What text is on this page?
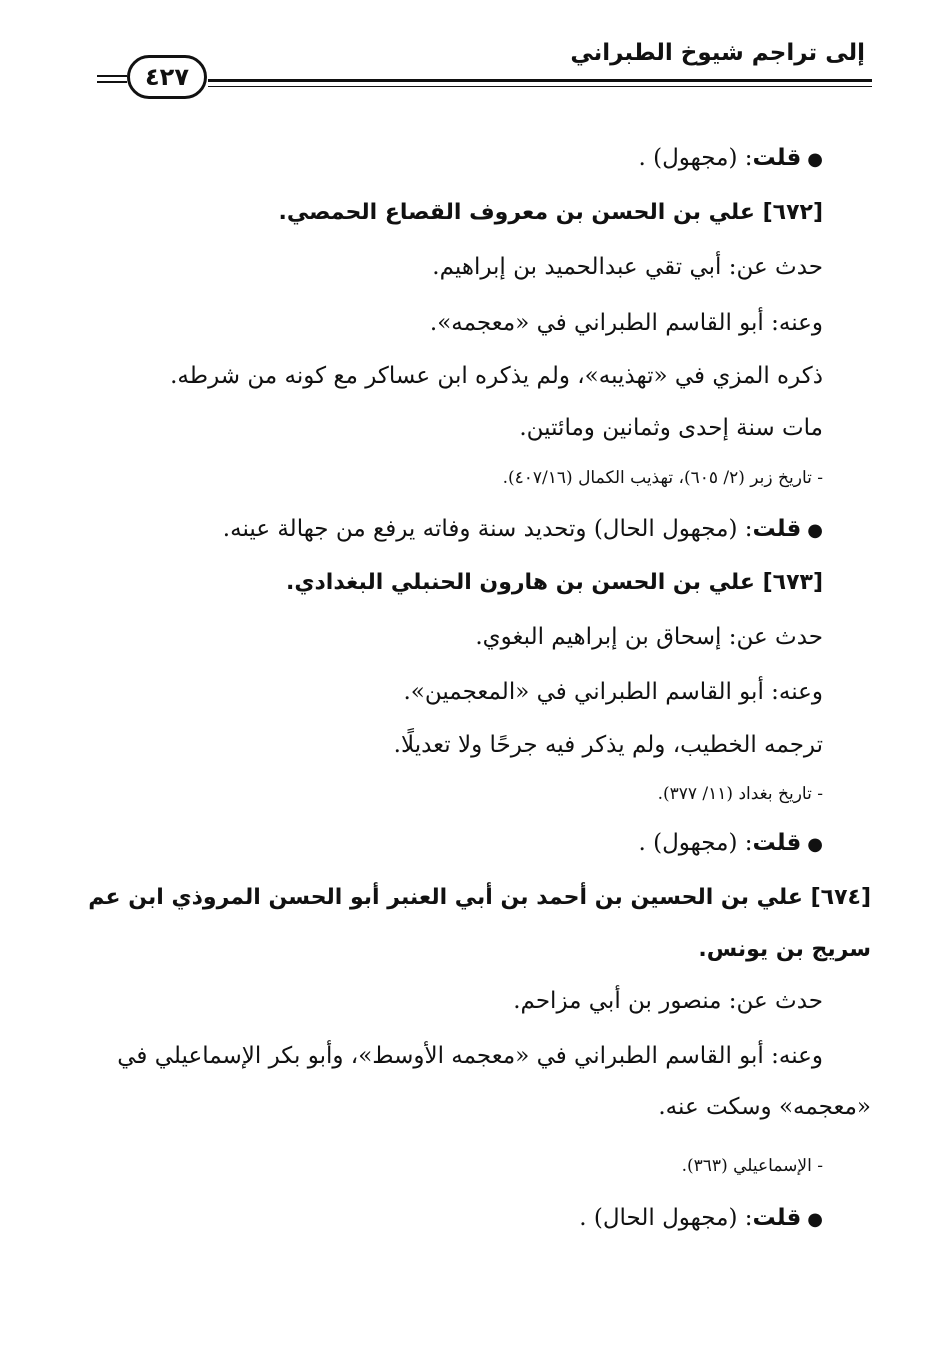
إلى تراجم شيوخ الطبراني
٤٢٧
●قلت: (مجهول) .
[٦٧٢] علي بن الحسن بن معروف القصاع الحمصي.
حدث عن: أبي تقي عبدالحميد بن إبراهيم.
وعنه: أبو القاسم الطبراني في «معجمه».
ذكره المزي في «تهذيبه»، ولم يذكره ابن عساكر مع كونه من شرطه.
مات سنة إحدى وثمانين ومائتين.
- تاريخ زبر (٢/ ٦٠٥)، تهذيب الكمال (٤٠٧/١٦).
●قلت: (مجهول الحال) وتحديد سنة وفاته يرفع من جهالة عينه.
[٦٧٣] علي بن الحسن بن هارون الحنبلي البغدادي.
حدث عن: إسحاق بن إبراهيم البغوي.
وعنه: أبو القاسم الطبراني في «المعجمين».
ترجمه الخطيب، ولم يذكر فيه جرحًا ولا تعديلًا.
- تاريخ بغداد (١١/ ٣٧٧).
●قلت: (مجهول) .
[٦٧٤] علي بن الحسين بن أحمد بن أبي العنبر أبو الحسن المروذي ابن عم
سريج بن يونس.
حدث عن: منصور بن أبي مزاحم.
وعنه: أبو القاسم الطبراني في «معجمه الأوسط»، وأبو بكر الإسماعيلي في
«معجمه» وسكت عنه.
- الإسماعيلي (٣٦٣).
●قلت: (مجهول الحال) .
